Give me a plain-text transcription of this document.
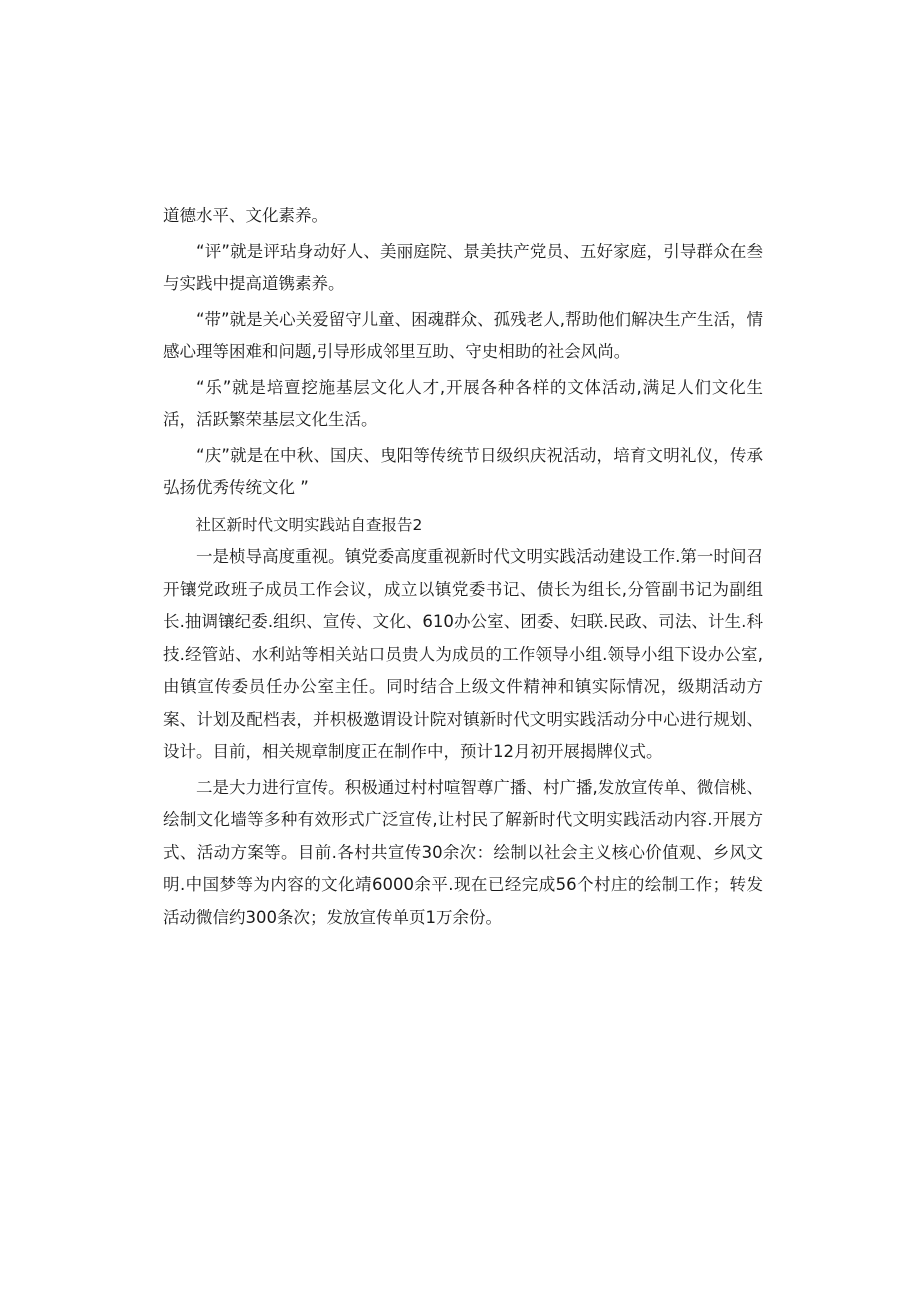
道德水平、文化素养。

“评”就是评玷身动好人、美丽庭院、景美扶产党员、五好家庭，引导群众在叁与实践中提高道镌素养。

“带”就是关心关爱留守儿童、困魂群众、孤残老人,帮助他们解决生产生活，情感心理等困难和问题,引导形成邻里互助、守史相助的社会风尚。

“乐”就是培亶挖施基层文化人才,开展各种各样的文体活动,满足人们文化生活，活跃繁荣基层文化生活。

“庆”就是在中秋、国庆、曳阳等传统节日级织庆祝活动，培育文明礼仪，传承弘扬优秀传统文化 ”

社区新时代文明实践站自查报告2

一是桢导高度重视。镇党委高度重视新时代文明实践活动建设工作.第一时间召开镶党政班子成员工作会议，成立以镇党委书记、债长为组长,分管副书记为副组长.抽调镶纪委.组织、宣传、文化、610办公室、团委、妇联.民政、司法、计生.科技.经管站、水利站等相关站口员贵人为成员的工作领导小组.领导小组下设办公室,由镇宣传委员任办公室主任。同时结合上级文件精神和镇实际情况，级期活动方案、计划及配档表，并枳极邀谓设计院对镇新时代文明实践活动分中心进行规划、设计。目前，相关规章制度正在制作中，预计12月初开展揭牌仪式。

二是大力进行宣传。积极通过村村喧智尊广播、村广播,发放宣传单、微信桃、绘制文化墙等多种有效形式广泛宣传,让村民了解新时代文明实践活动内容.开展方式、活动方案等。目前.各村共宣传30余次：绘制以社会主义核心价值观、乡风文明.中国梦等为内容的文化靖6000余平.现在已经完成56个村庄的绘制工作；转发活动微信约300条次；发放宣传单页1万余份。
